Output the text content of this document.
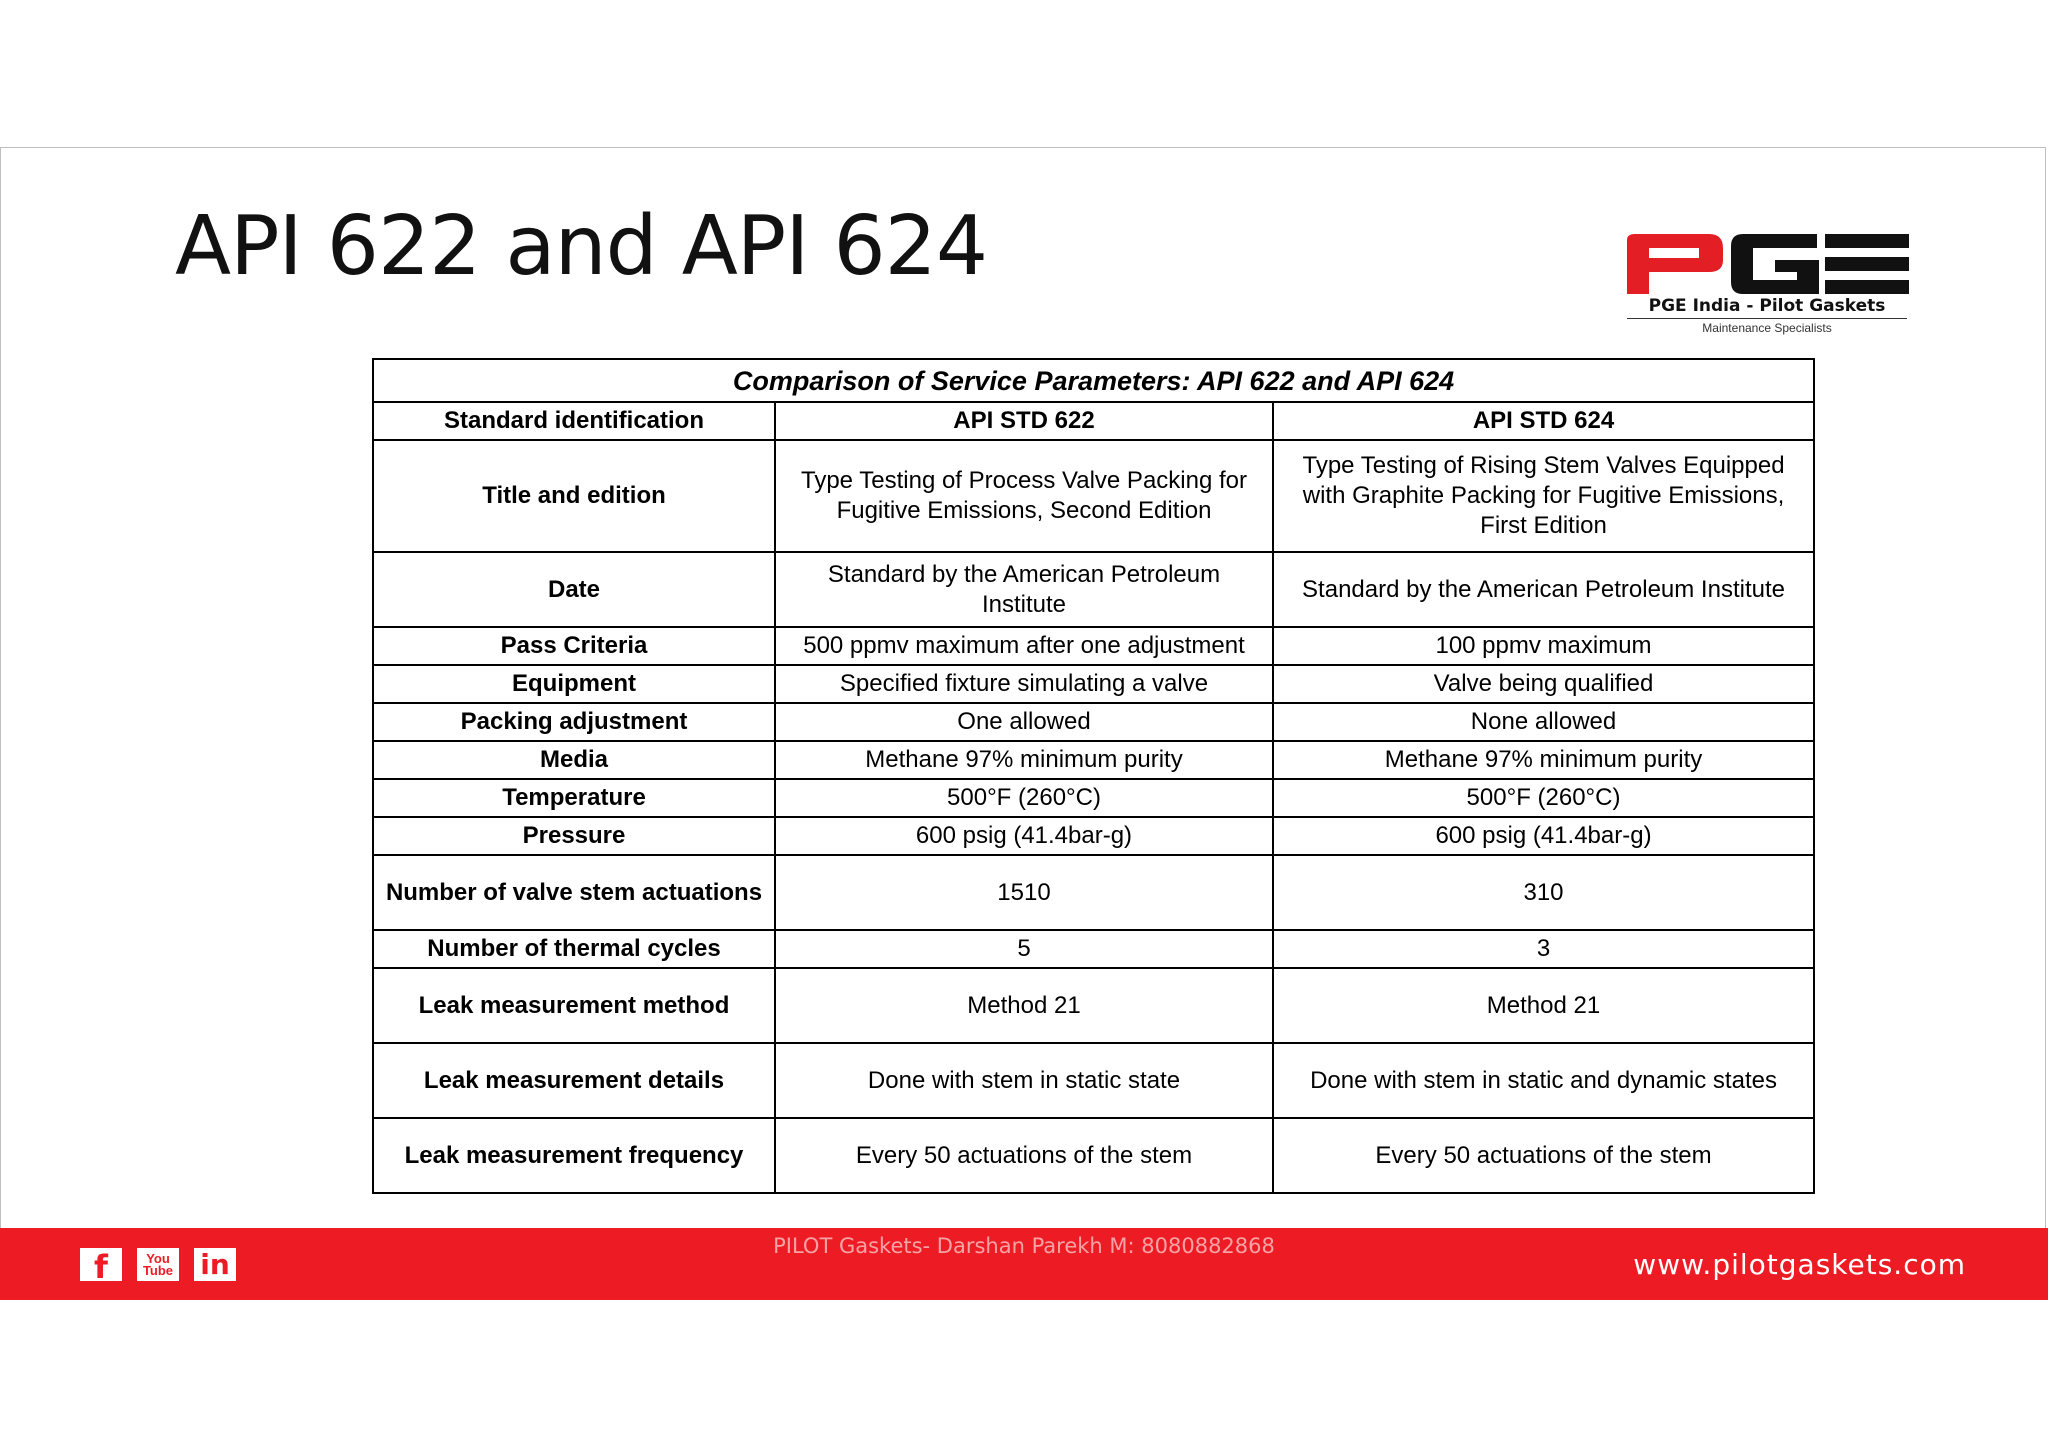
API 622 and API 624
PGE India - Pilot Gaskets
Maintenance Specialists
Comparison of Service Parameters: API 622 and API 624		
Standard identification	API STD 622	API STD 624
Title and edition	Type Testing of Process Valve Packing for Fugitive Emissions, Second Edition	Type Testing of Rising Stem Valves Equipped with Graphite Packing for Fugitive Emissions, First Edition
Date	Standard by the American Petroleum Institute	Standard by the American Petroleum Institute
Pass Criteria	500 ppmv maximum after one adjustment	100 ppmv maximum
Equipment	Specified fixture simulating a valve	Valve being qualified
Packing adjustment	One allowed	None allowed
Media	Methane 97% minimum purity	Methane 97% minimum purity
Temperature	500°F (260°C)	500°F (260°C)
Pressure	600 psig (41.4bar-g)	600 psig (41.4bar-g)
Number of valve stem actuations	1510	310
Number of thermal cycles	5	3
Leak measurement method	Method 21	Method 21
Leak measurement details	Done with stem in static state	Done with stem in static and dynamic states
Leak measurement frequency	Every 50 actuations of the stem	Every 50 actuations of the stem
f	You
Tube in
PILOT Gaskets- Darshan Parekh M: 8080882868
www.pilotgaskets.com
